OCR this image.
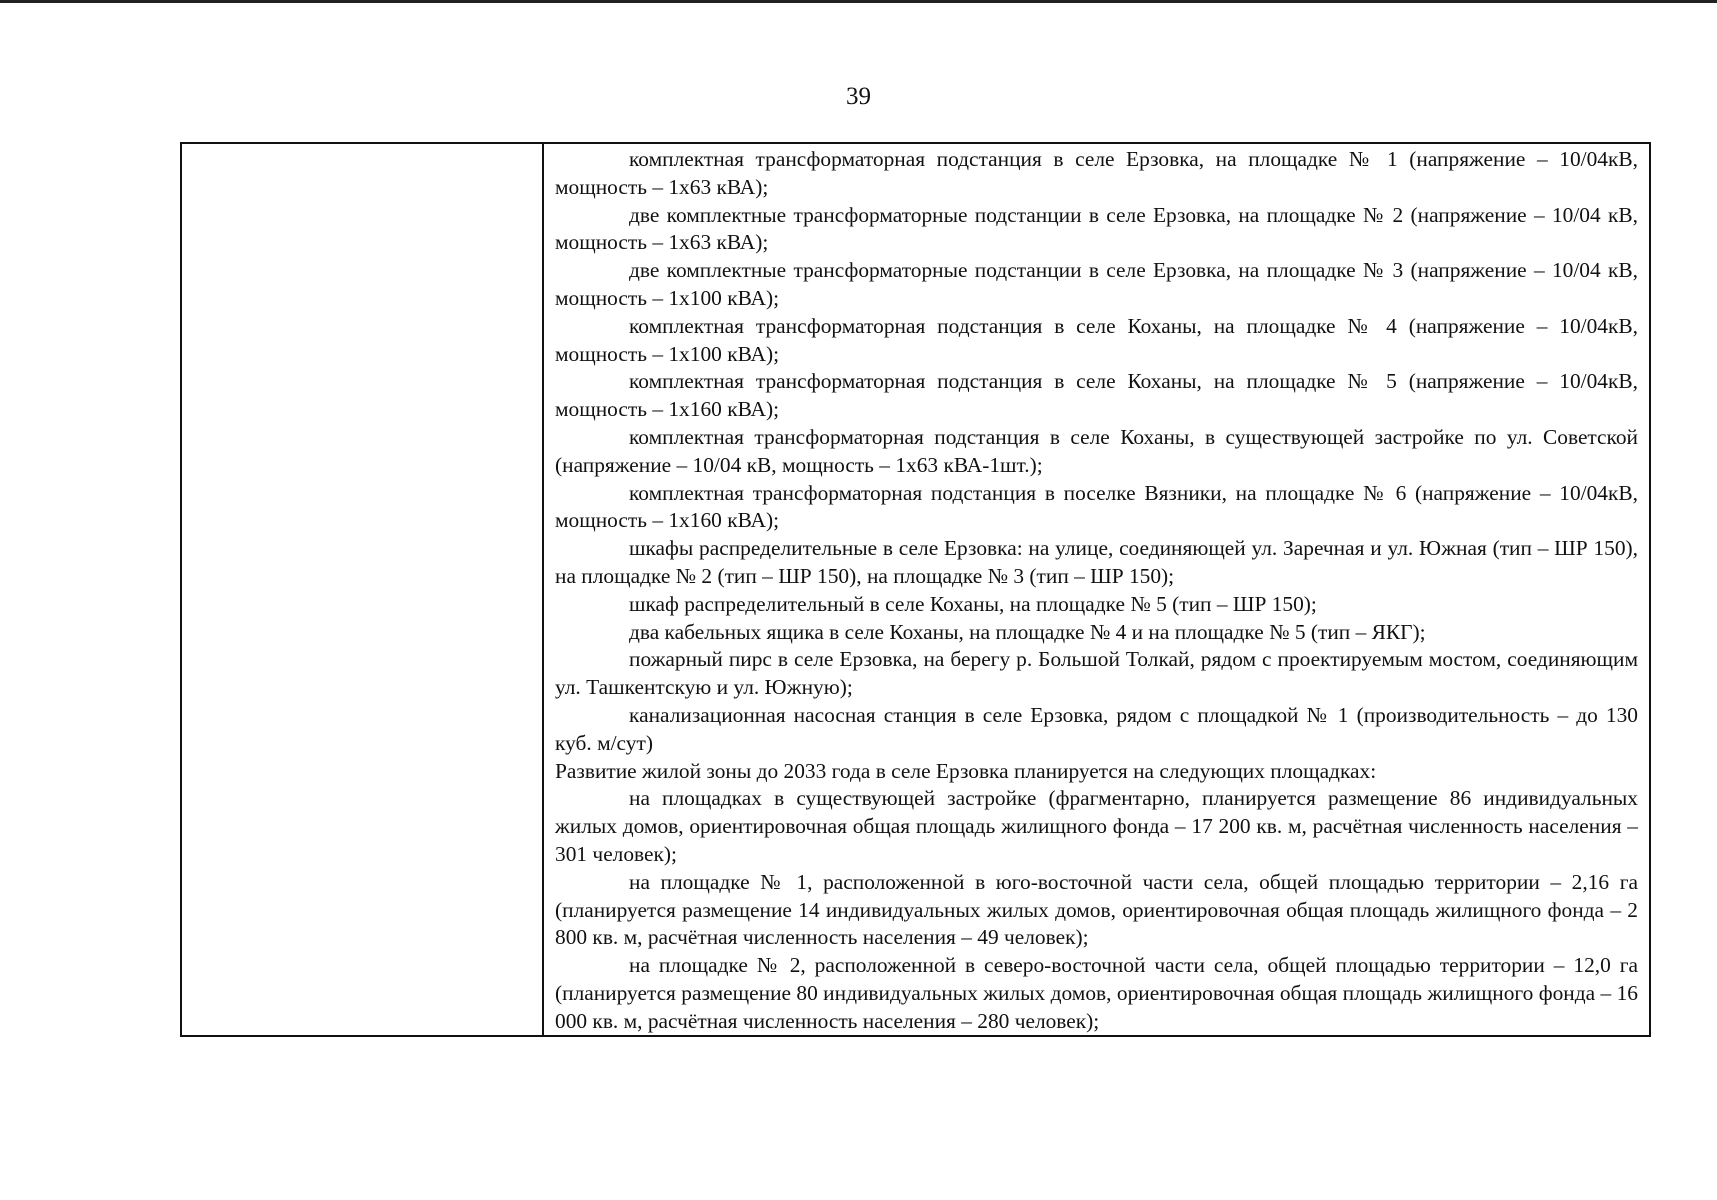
39

комплектная трансформаторная подстанция в селе Ерзовка, на площадке № 1 (напряжение – 10/04кВ, мощность – 1х63 кВА);

две комплектные трансформаторные подстанции в селе Ерзовка, на площадке № 2 (напряжение – 10/04 кВ, мощность – 1х63 кВА);

две комплектные трансформаторные подстанции в селе Ерзовка, на площадке № 3 (напряжение – 10/04 кВ, мощность – 1х100 кВА);

комплектная трансформаторная подстанция в селе Коханы, на площадке № 4 (напряжение – 10/04кВ, мощность – 1х100 кВА);

комплектная трансформаторная подстанция в селе Коханы, на площадке № 5 (напряжение – 10/04кВ, мощность – 1х160 кВА);

комплектная трансформаторная подстанция в селе Коханы, в существующей застройке по ул. Советской (напряжение – 10/04 кВ, мощность – 1х63 кВА-1шт.);

комплектная трансформаторная подстанция в поселке Вязники, на площадке № 6 (напряжение – 10/04кВ, мощность – 1х160 кВА);

шкафы распределительные в селе Ерзовка: на улице, соединяющей ул. Заречная и ул. Южная (тип – ШР 150), на площадке № 2 (тип – ШР 150), на площадке № 3 (тип – ШР 150);

шкаф распределительный в селе Коханы, на площадке № 5 (тип – ШР 150);

два кабельных ящика в селе Коханы, на площадке № 4 и на площадке № 5 (тип – ЯКГ);

пожарный пирс в селе Ерзовка, на берегу р. Большой Толкай, рядом с проектируемым мостом, соединяющим ул. Ташкентскую и ул. Южную);

канализационная насосная станция в селе Ерзовка, рядом с площадкой № 1 (производительность – до 130 куб. м/сут)

Развитие жилой зоны до 2033 года в селе Ерзовка планируется на следующих площадках:

на площадках в существующей застройке (фрагментарно, планируется размещение 86 индивидуальных жилых домов, ориентировочная общая площадь жилищного фонда – 17 200 кв. м, расчётная численность населения – 301 человек);

на площадке № 1, расположенной в юго-восточной части села, общей площадью территории – 2,16 га (планируется размещение 14 индивидуальных жилых домов, ориентировочная общая площадь жилищного фонда – 2 800 кв. м, расчётная численность населения – 49 человек);

на площадке № 2, расположенной в северо-восточной части села, общей площадью территории – 12,0 га (планируется размещение 80 индивидуальных жилых домов, ориентировочная общая площадь жилищного фонда – 16 000 кв. м, расчётная численность населения – 280 человек);
